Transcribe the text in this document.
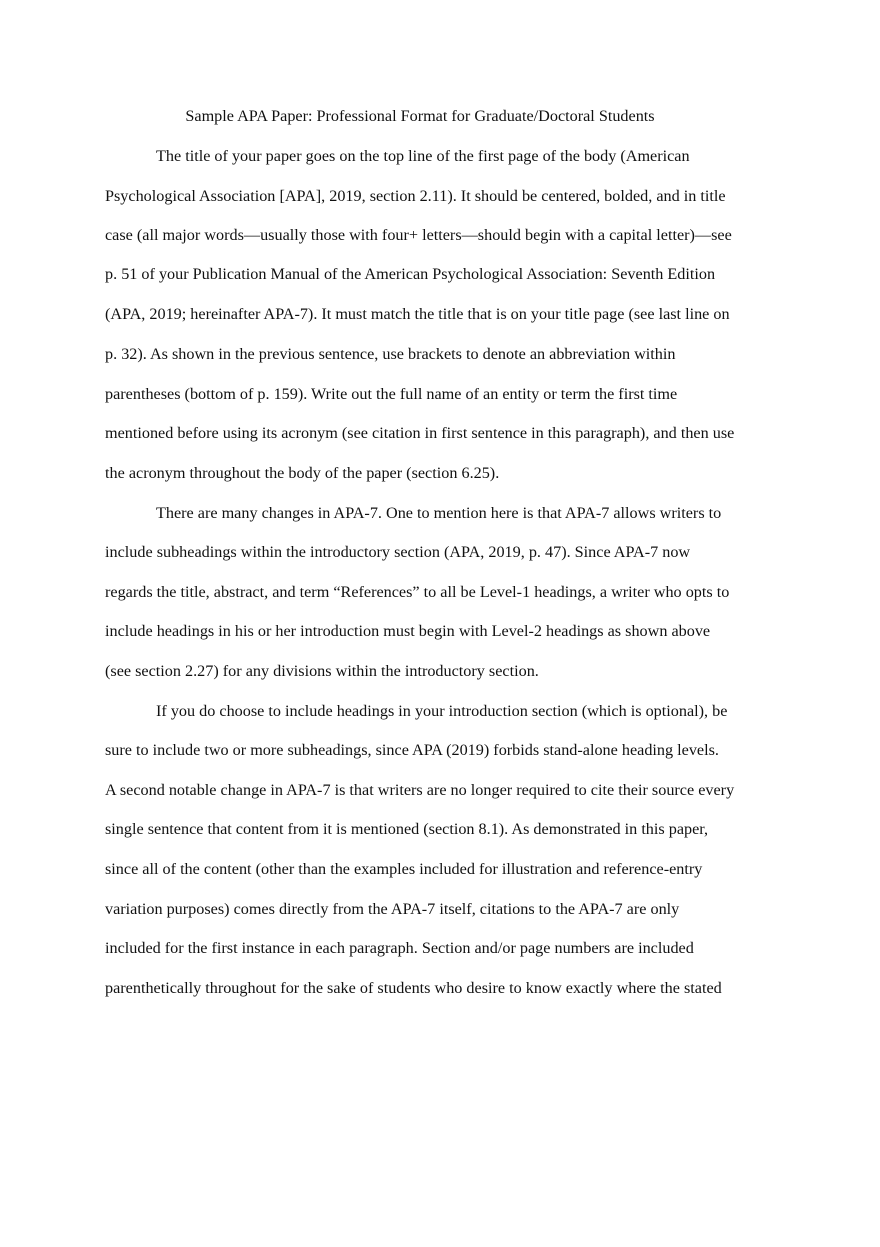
Sample APA Paper: Professional Format for Graduate/Doctoral Students
The title of your paper goes on the top line of the first page of the body (American
Psychological Association [APA], 2019, section 2.11). It should be centered, bolded, and in title
case (all major words—usually those with four+ letters—should begin with a capital letter)—see
p. 51 of your Publication Manual of the American Psychological Association: Seventh Edition
(APA, 2019; hereinafter APA-7). It must match the title that is on your title page (see last line on
p. 32). As shown in the previous sentence, use brackets to denote an abbreviation within
parentheses (bottom of p. 159). Write out the full name of an entity or term the first time
mentioned before using its acronym (see citation in first sentence in this paragraph), and then use
the acronym throughout the body of the paper (section 6.25).
There are many changes in APA-7. One to mention here is that APA-7 allows writers to
include subheadings within the introductory section (APA, 2019, p. 47). Since APA-7 now
regards the title, abstract, and term “References” to all be Level-1 headings, a writer who opts to
include headings in his or her introduction must begin with Level-2 headings as shown above
(see section 2.27) for any divisions within the introductory section.
If you do choose to include headings in your introduction section (which is optional), be
sure to include two or more subheadings, since APA (2019) forbids stand-alone heading levels.
A second notable change in APA-7 is that writers are no longer required to cite their source every
single sentence that content from it is mentioned (section 8.1). As demonstrated in this paper,
since all of the content (other than the examples included for illustration and reference-entry
variation purposes) comes directly from the APA-7 itself, citations to the APA-7 are only
included for the first instance in each paragraph. Section and/or page numbers are included
parenthetically throughout for the sake of students who desire to know exactly where the stated
